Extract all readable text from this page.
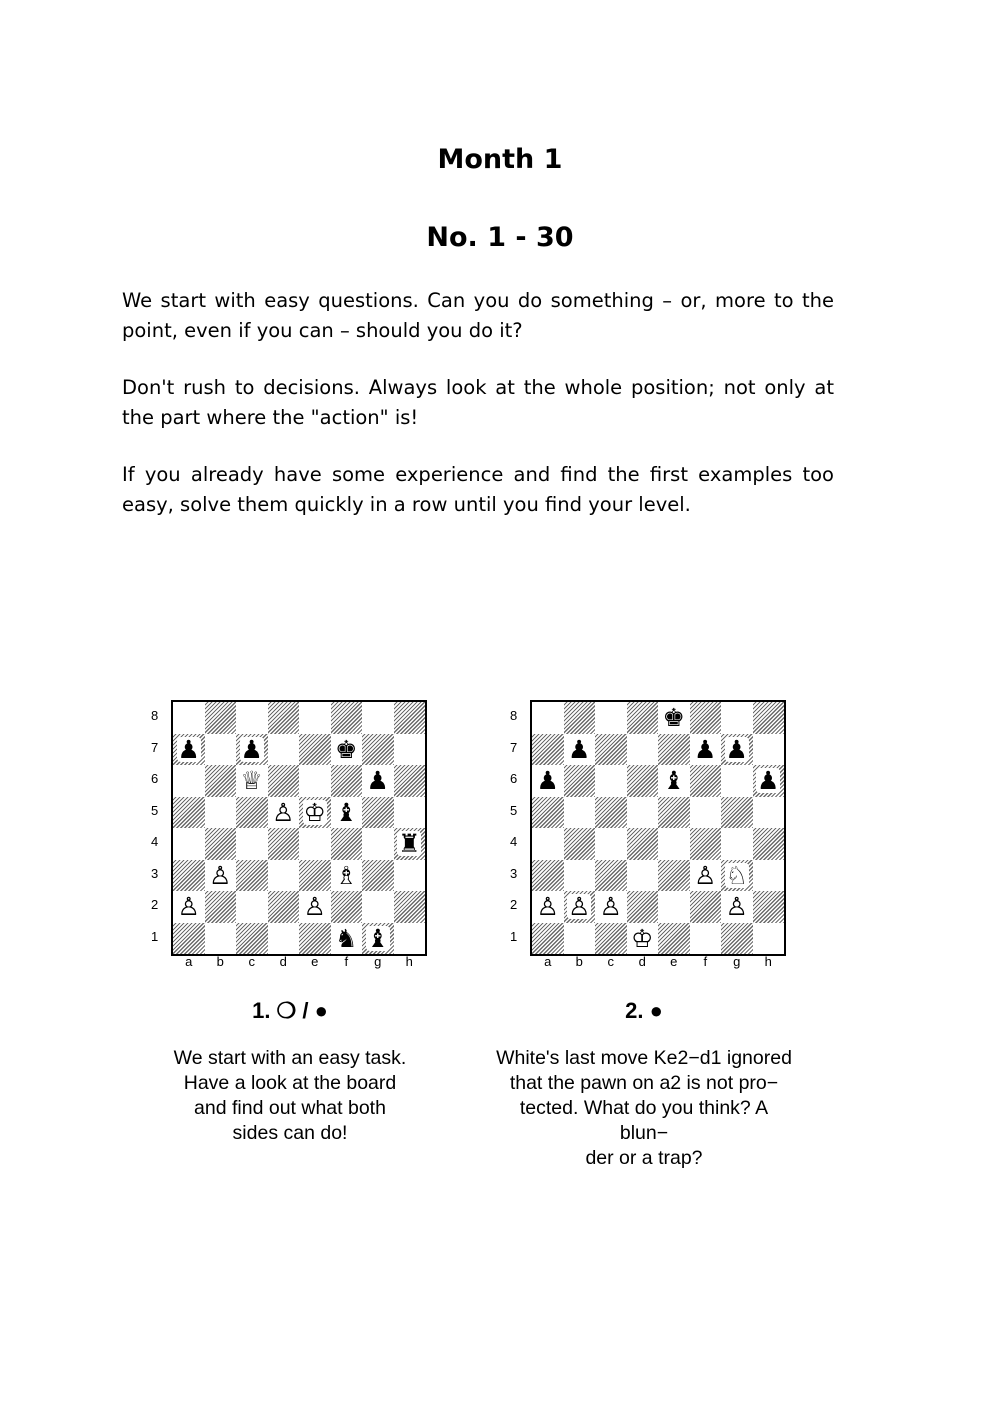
Month 1
No. 1 - 30
We start with easy questions. Can you do something – or, more to the point, even if you can – should you do it?
Don't rush to decisions. Always look at the whole position; not only at the part where the "action" is!
If you already have some experience and find the first examples too easy, solve them quickly in a row until you find your level.
8
7
6
5
4
3
2
1
♟ ♟	♚
♕	♟
♙ ♔ ♝
♜
♙	♗
♙	♙
♞ ♝
a	b	c	d	e	f	g	h
1. ❍ / ●
We start with an easy task.
Have a look at the board
and find out what both
sides can do!
8
7
6
5
4
3
2
1
♚
♟	♟ ♟
♟	♝	♟
♙ ♘
♙ ♙ ♙	♙
♔
a	b	c	d	e	f	g	h
2. ●
White's last move Ke2−d1 ignored
that the pawn on a2 is not pro−
tected. What do you think? A blun−
der or a trap?
